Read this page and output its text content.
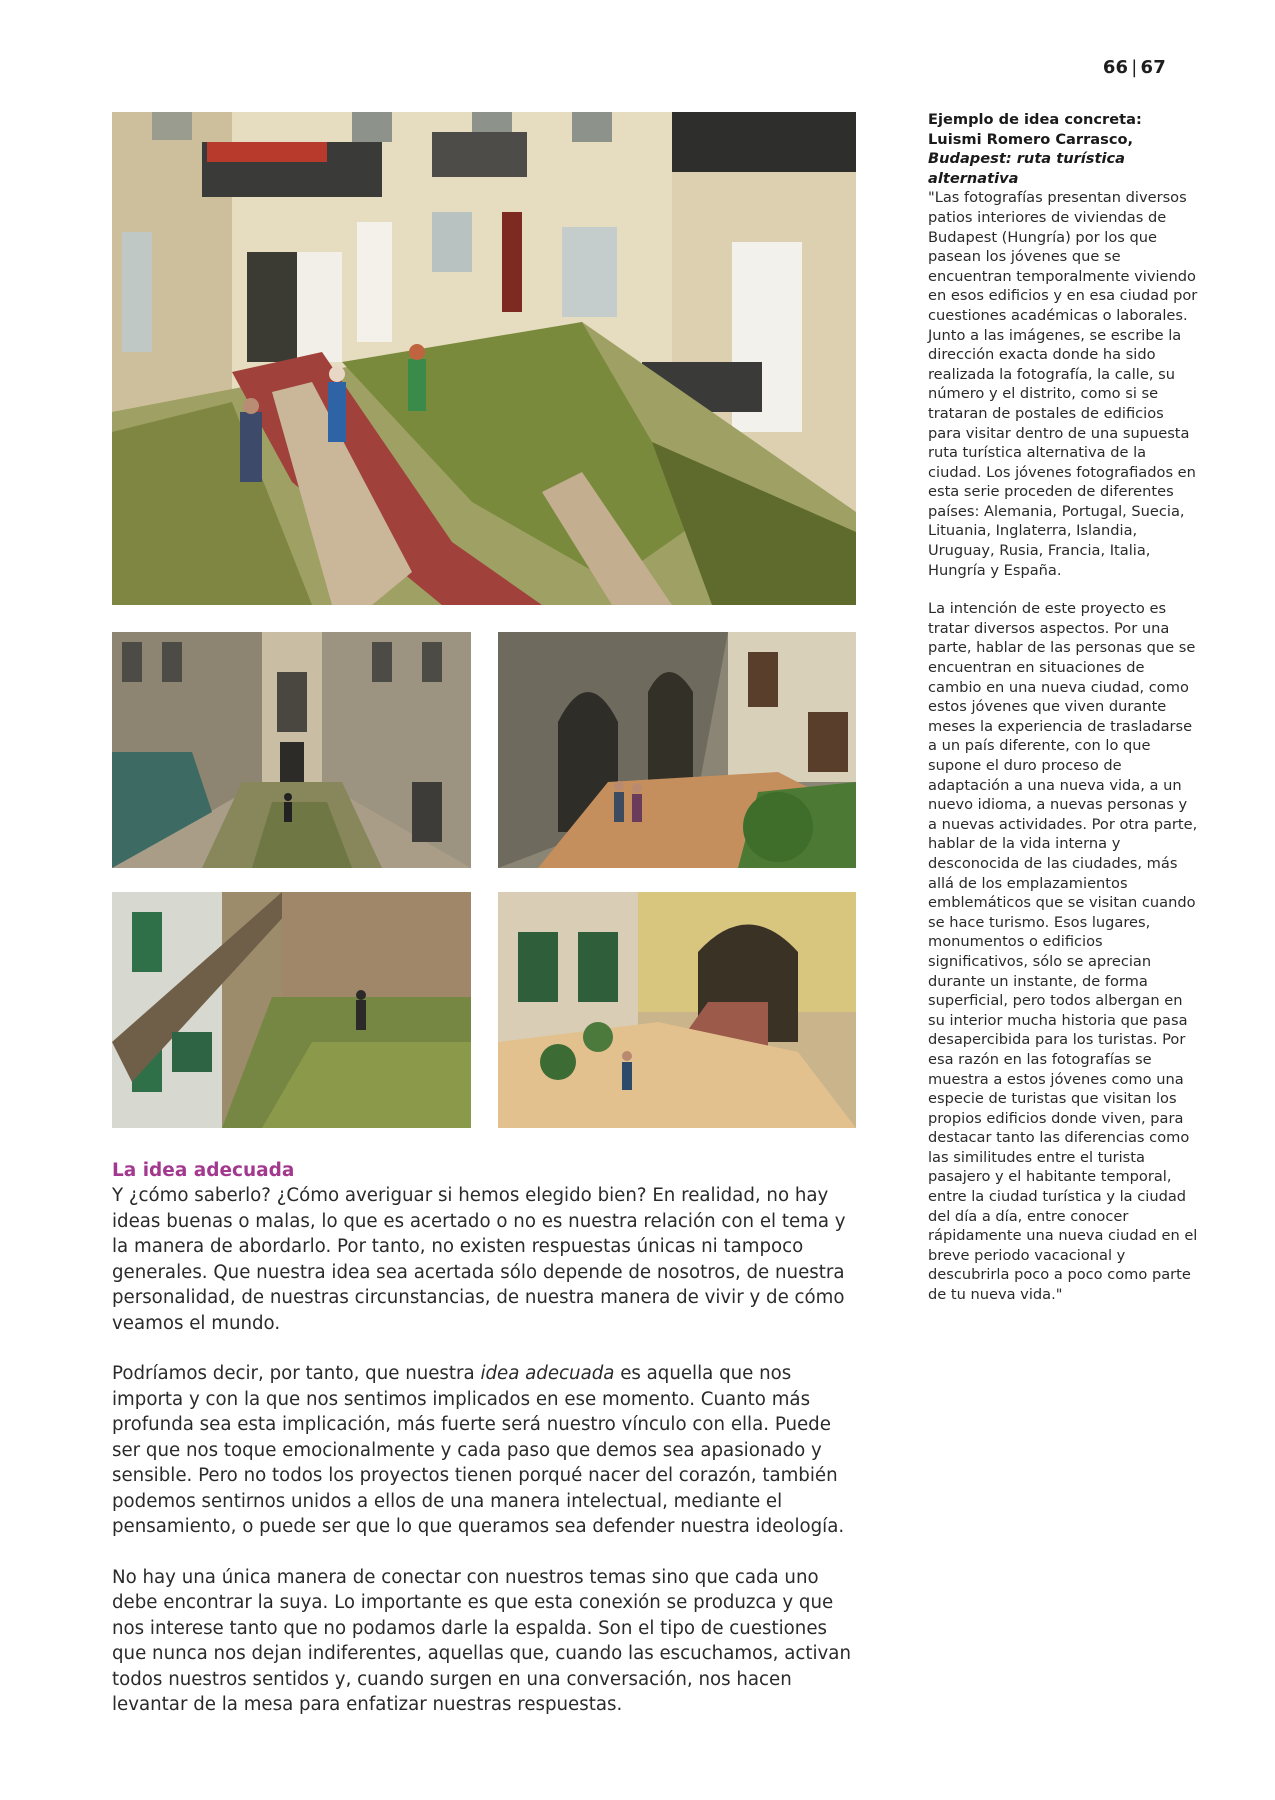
66 | 67
La idea adecuada

Y ¿cómo saberlo? ¿Cómo averiguar si hemos elegido bien? En realidad, no hay ideas buenas o malas, lo que es acertado o no es nuestra relación con el tema y la manera de abordarlo. Por tanto, no existen respuestas únicas ni tampoco generales. Que nuestra idea sea acertada sólo depende de nosotros, de nuestra personalidad, de nuestras circunstancias, de nuestra manera de vivir y de cómo veamos el mundo.

Podríamos decir, por tanto, que nuestra idea adecuada es aquella que nos importa y con la que nos sentimos implicados en ese momento. Cuanto más profunda sea esta implicación, más fuerte será nuestro vínculo con ella. Puede ser que nos toque emocionalmente y cada paso que demos sea apasionado y sensible. Pero no todos los proyectos tienen porqué nacer del corazón, también podemos sentirnos unidos a ellos de una manera intelectual, mediante el pensamiento, o puede ser que lo que queramos sea defender nuestra ideología.

No hay una única manera de conectar con nuestros temas sino que cada uno debe encontrar la suya. Lo importante es que esta conexión se produzca y que nos interese tanto que no podamos darle la espalda. Son el tipo de cuestiones que nunca nos dejan indiferentes, aquellas que, cuando las escuchamos, activan todos nuestros sentidos y, cuando surgen en una conversación, nos hacen levantar de la mesa para enfatizar nuestras respuestas.

Ejemplo de idea concreta:
Luismi Romero Carrasco,
Budapest: ruta turística alternativa

"Las fotografías presentan diversos patios interiores de viviendas de Budapest (Hungría) por los que pasean los jóvenes que se encuentran temporalmente viviendo en esos edificios y en esa ciudad por cuestiones académicas o laborales. Junto a las imágenes, se escribe la dirección exacta donde ha sido realizada la fotografía, la calle, su número y el distrito, como si se trataran de postales de edificios para visitar dentro de una supuesta ruta turística alternativa de la ciudad. Los jóvenes fotografiados en esta serie proceden de diferentes países: Alemania, Portugal, Suecia, Lituania, Inglaterra, Islandia, Uruguay, Rusia, Francia, Italia, Hungría y España.

La intención de este proyecto es tratar diversos aspectos. Por una parte, hablar de las personas que se encuentran en situaciones de cambio en una nueva ciudad, como estos jóvenes que viven durante meses la experiencia de trasladarse a un país diferente, con lo que supone el duro proceso de adaptación a una nueva vida, a un nuevo idioma, a nuevas personas y a nuevas actividades. Por otra parte, hablar de la vida interna y desconocida de las ciudades, más allá de los emplazamientos emblemáticos que se visitan cuando se hace turismo. Esos lugares, monumentos o edificios significativos, sólo se aprecian durante un instante, de forma superficial, pero todos albergan en su interior mucha historia que pasa desapercibida para los turistas. Por esa razón en las fotografías se muestra a estos jóvenes como una especie de turistas que visitan los propios edificios donde viven, para destacar tanto las diferencias como las similitudes entre el turista pasajero y el habitante temporal, entre la ciudad turística y la ciudad del día a día, entre conocer rápidamente una nueva ciudad en el breve periodo vacacional y descubrirla poco a poco como parte de tu nueva vida."
